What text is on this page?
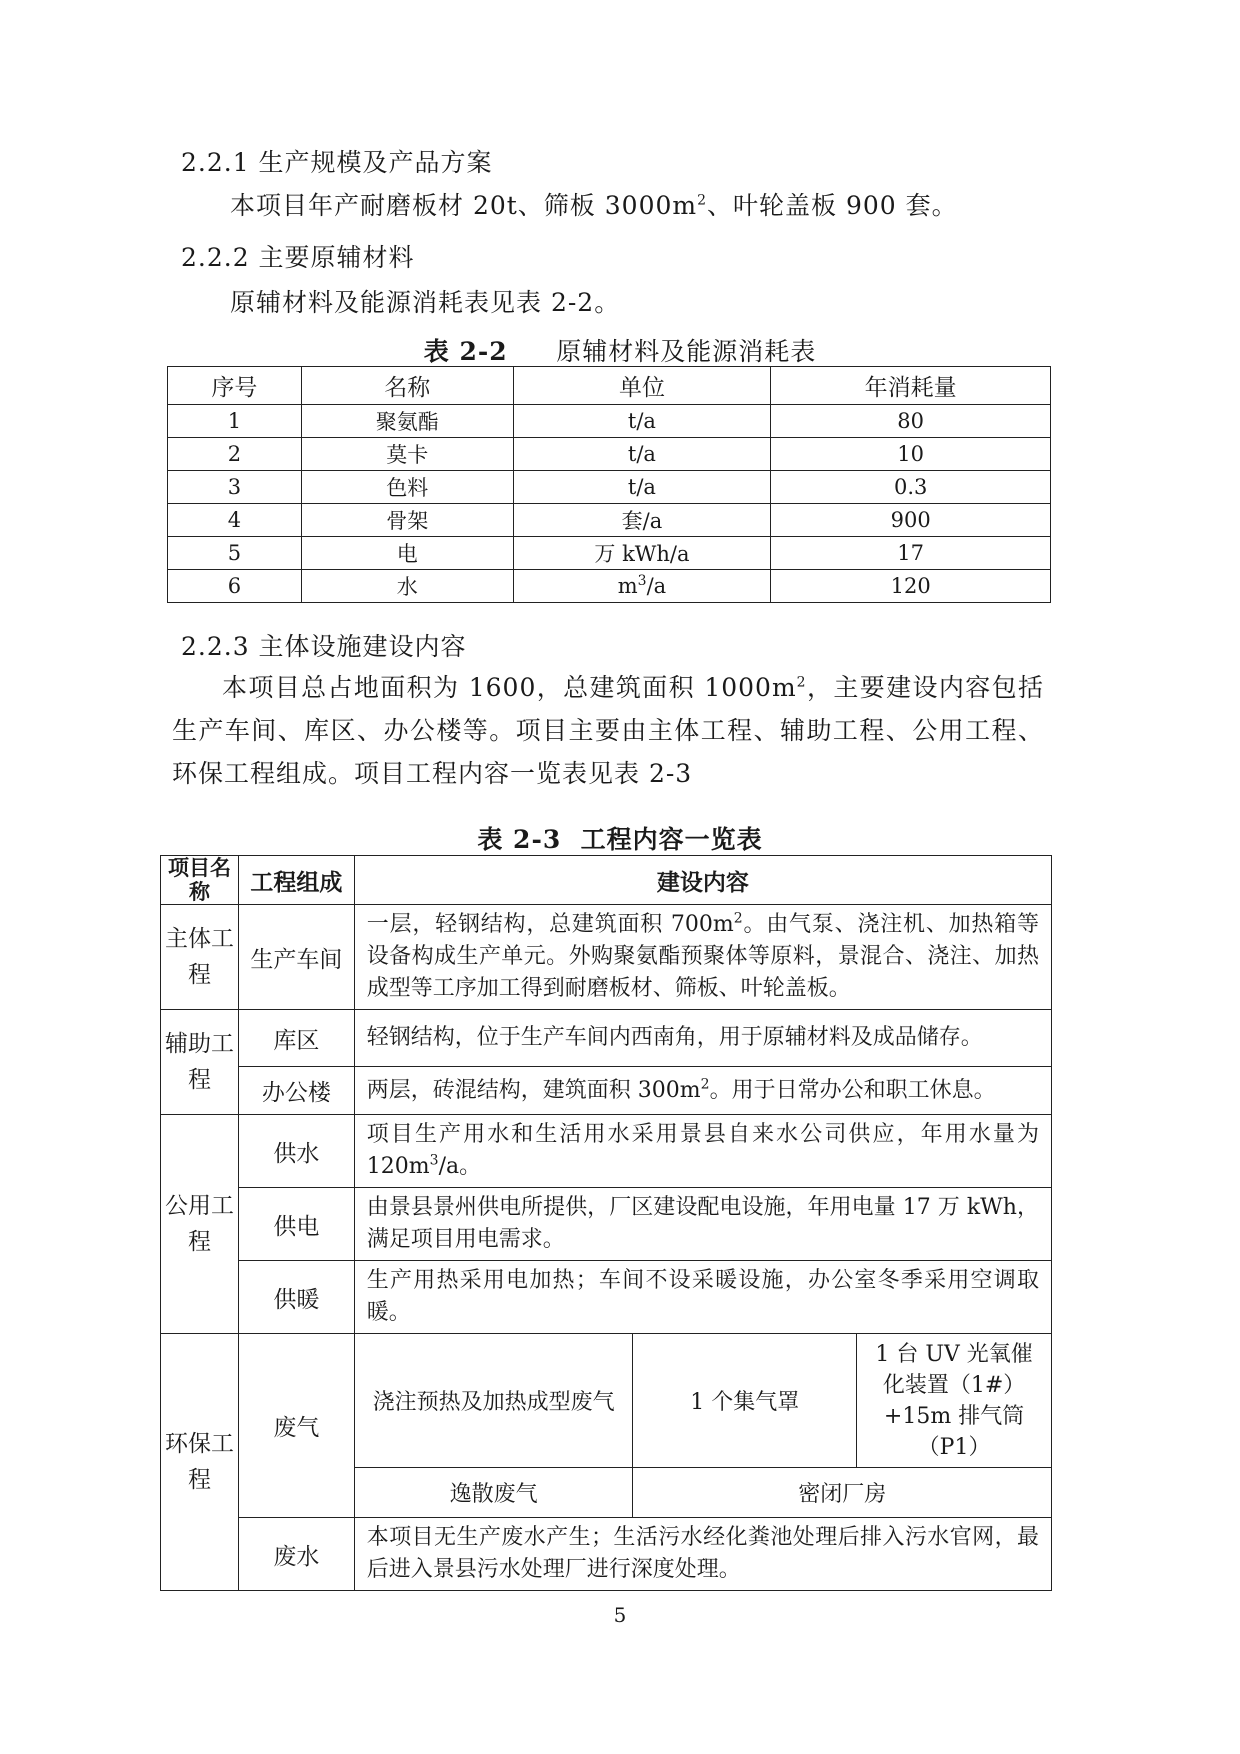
2.2.1 生产规模及产品方案
本项目年产耐磨板材 20t、筛板 $3000m^2$、叶轮盖板 900 套。
2.2.2 主要原辅材料
原辅材料及能源消耗表见表 2-2。
表 2-2 原辅材料及能源消耗表
序号	名称	单位	年消耗量
1	聚氨酯	t/a	80
2	莫卡	t/a	10
3	色料	t/a	0.3
4	骨架	套/a	900
5	电	万 kWh/a	17
6	水	$m^3/a$	120
2.2.3 主体设施建设内容
本项目总占地面积为 1600，总建筑面积 $1000m^2$，主要建设内容包括生产车间、库区、办公楼等。项目主要由主体工程、辅助工程、公用工程、环保工程组成。项目工程内容一览表见表 2-3
表 2-3 工程内容一览表
项目名称	工程组成	建设内容		
主体工程	生产车间	一层，轻钢结构，总建筑面积 $700m^2$。由气泵、浇注机、加热箱等设备构成生产单元。外购聚氨酯预聚体等原料，景混合、浇注、加热成型等工序加工得到耐磨板材、筛板、叶轮盖板。		
辅助工程	库区	轻钢结构，位于生产车间内西南角，用于原辅材料及成品储存。		
	办公楼	两层，砖混结构，建筑面积 $300m^2$。用于日常办公和职工休息。		
公用工程	供水	项目生产用水和生活用水采用景县自来水公司供应，年用水量为 $120m^3/a$。		
	供电	由景县景州供电所提供，厂区建设配电设施，年用电量 17 万 kWh，满足项目用电需求。		
	供暖	生产用热采用电加热；车间不设采暖设施，办公室冬季采用空调取暖。		
环保工程	废气	浇注预热及加热成型废气	1 个集气罩	1 台 UV 光氧催化装置（1#）+15m 排气筒（P1）
		逸散废气	密闭厂房	
	废水	本项目无生产废水产生；生活污水经化粪池处理后排入污水官网，最后进入景县污水处理厂进行深度处理。		
5
